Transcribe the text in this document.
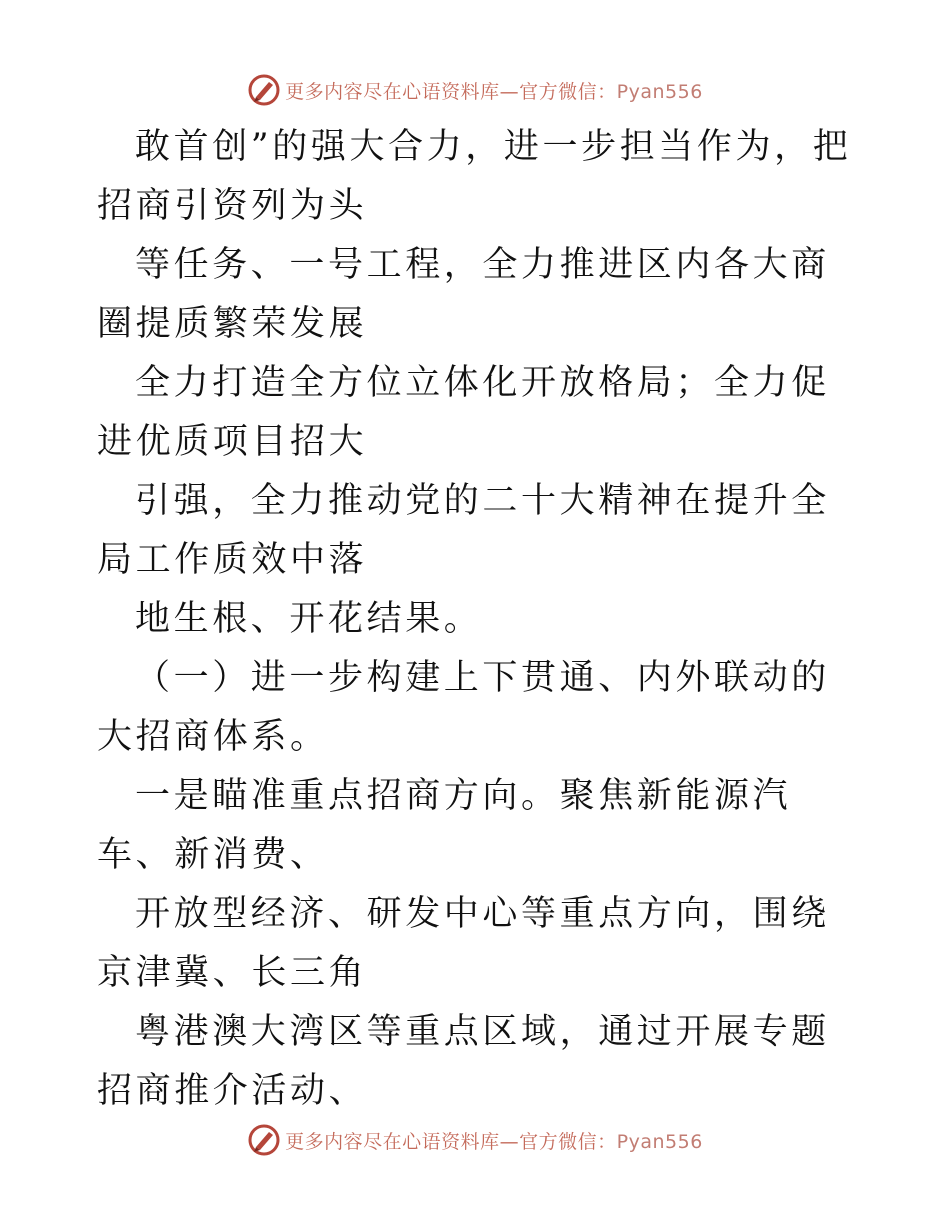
更多内容尽在心语资料库—官方微信：Pyan556

敢首创”的强大合力，进一步担当作为，把招商引资列为头

等任务、一号工程，全力推进区内各大商圈提质繁荣发展

全力打造全方位立体化开放格局；全力促进优质项目招大

引强，全力推动党的二十大精神在提升全局工作质效中落

地生根、开花结果。

（一）进一步构建上下贯通、内外联动的大招商体系。

一是瞄准重点招商方向。聚焦新能源汽车、新消费、

开放型经济、研发中心等重点方向，围绕京津冀、长三角

粤港澳大湾区等重点区域，通过开展专题招商推介活动、

更多内容尽在心语资料库—官方微信：Pyan556
